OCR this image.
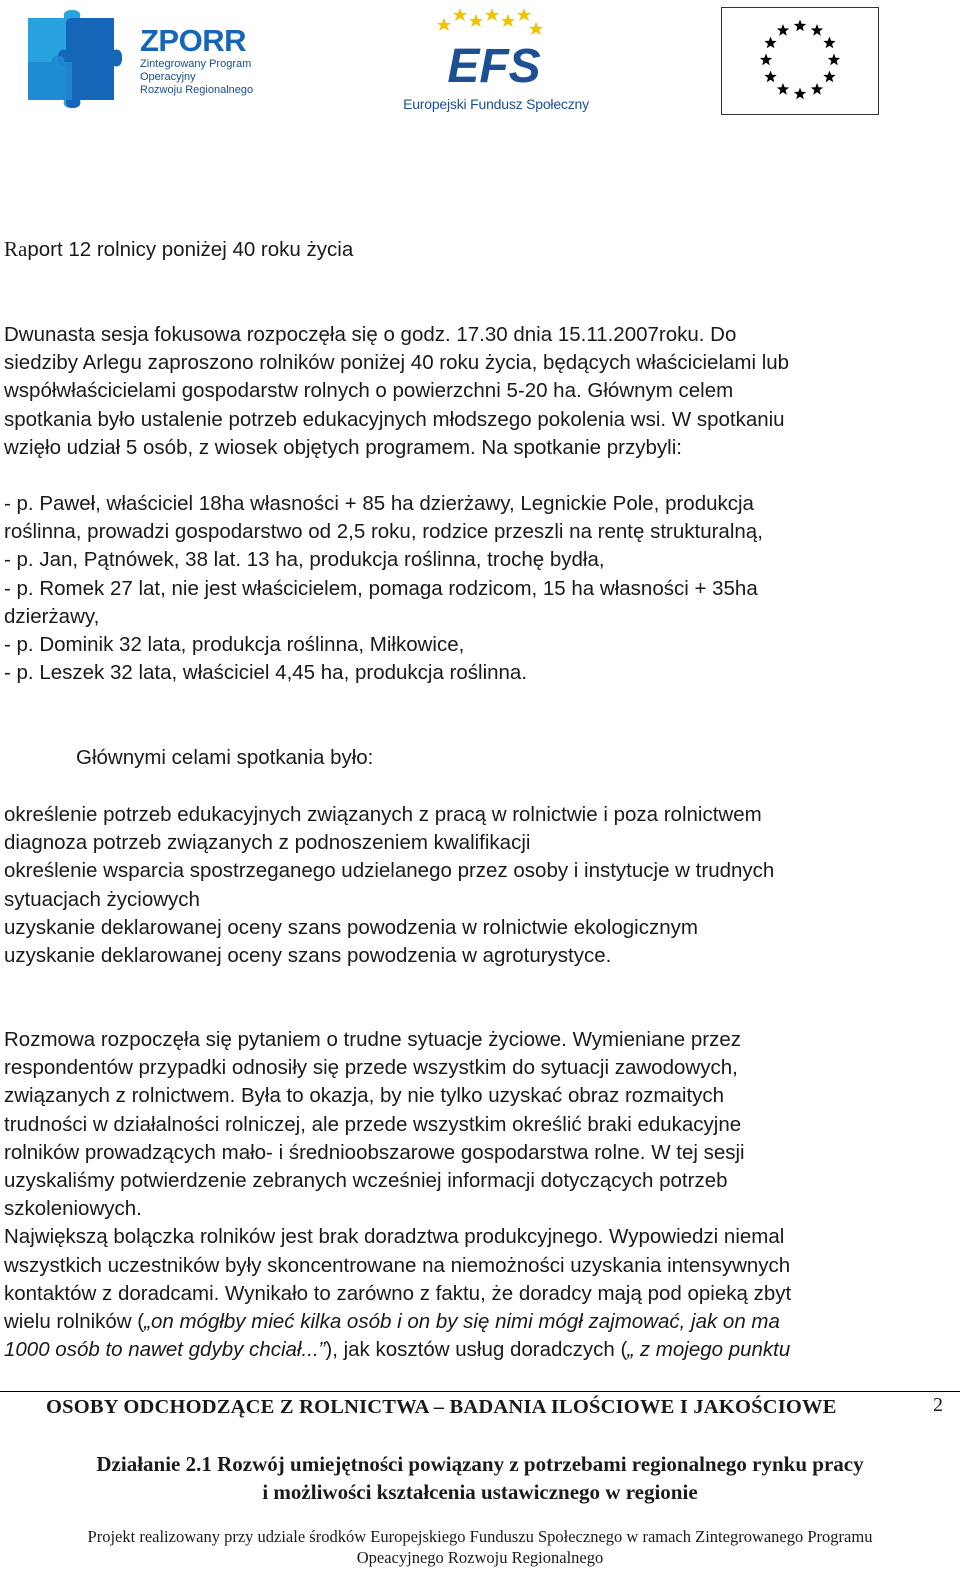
ZPORR
Zintegrowany Program
Operacyjny
Rozwoju Regionalnego	EFS
Europejski Fundusz Społeczny
Raport 12 rolnicy poniżej 40 roku życia
Dwunasta sesja fokusowa rozpoczęła się o godz. 17.30 dnia 15.11.2007roku. Do
siedziby Arlegu zaproszono rolników poniżej 40 roku życia, będących właścicielami lub
współwłaścicielami gospodarstw rolnych o powierzchni 5-20 ha. Głównym celem
spotkania było ustalenie potrzeb edukacyjnych młodszego pokolenia wsi. W spotkaniu
wzięło udział 5 osób, z wiosek objętych programem. Na spotkanie przybyli:
- p. Paweł, właściciel 18ha własności + 85 ha dzierżawy, Legnickie Pole, produkcja
roślinna, prowadzi gospodarstwo od 2,5 roku, rodzice przeszli na rentę strukturalną,
- p. Jan, Pątnówek, 38 lat. 13 ha, produkcja roślinna, trochę bydła,
- p. Romek 27 lat, nie jest właścicielem, pomaga rodzicom, 15 ha własności + 35ha
dzierżawy,
- p. Dominik 32 lata, produkcja roślinna, Miłkowice,
- p. Leszek 32 lata, właściciel 4,45 ha, produkcja roślinna.
Głównymi celami spotkania było:
określenie potrzeb edukacyjnych związanych z pracą w rolnictwie i poza rolnictwem
diagnoza potrzeb związanych z podnoszeniem kwalifikacji
określenie wsparcia spostrzeganego udzielanego przez osoby i instytucje w trudnych
sytuacjach życiowych
uzyskanie deklarowanej oceny szans powodzenia w rolnictwie ekologicznym
uzyskanie deklarowanej oceny szans powodzenia w agroturystyce.
Rozmowa rozpoczęła się pytaniem o trudne sytuacje życiowe. Wymieniane przez
respondentów przypadki odnosiły się przede wszystkim do sytuacji zawodowych,
związanych z rolnictwem. Była to okazja, by nie tylko uzyskać obraz rozmaitych
trudności w działalności rolniczej, ale przede wszystkim określić braki edukacyjne
rolników prowadzących mało- i średnioobszarowe gospodarstwa rolne. W tej sesji
uzyskaliśmy potwierdzenie zebranych wcześniej informacji dotyczących potrzeb
szkoleniowych.
Największą bolączka rolników jest brak doradztwa produkcyjnego. Wypowiedzi niemal
wszystkich uczestników były skoncentrowane na niemożności uzyskania intensywnych
kontaktów z doradcami. Wynikało to zarówno z faktu, że doradcy mają pod opieką zbyt
wielu rolników („on mógłby mieć kilka osób i on by się nimi mógł zajmować, jak on ma
1000 osób to nawet gdyby chciał...”), jak kosztów usług doradczych („ z mojego punktu
OSOBY ODCHODZĄCE Z ROLNICTWA – BADANIA ILOŚCIOWE I JAKOŚCIOWE	2
Działanie 2.1 Rozwój umiejętności powiązany z potrzebami regionalnego rynku pracy
i możliwości kształcenia ustawicznego w regionie
Projekt realizowany przy udziale środków Europejskiego Funduszu Społecznego w ramach Zintegrowanego Programu
Opeacyjnego Rozwoju Regionalnego
